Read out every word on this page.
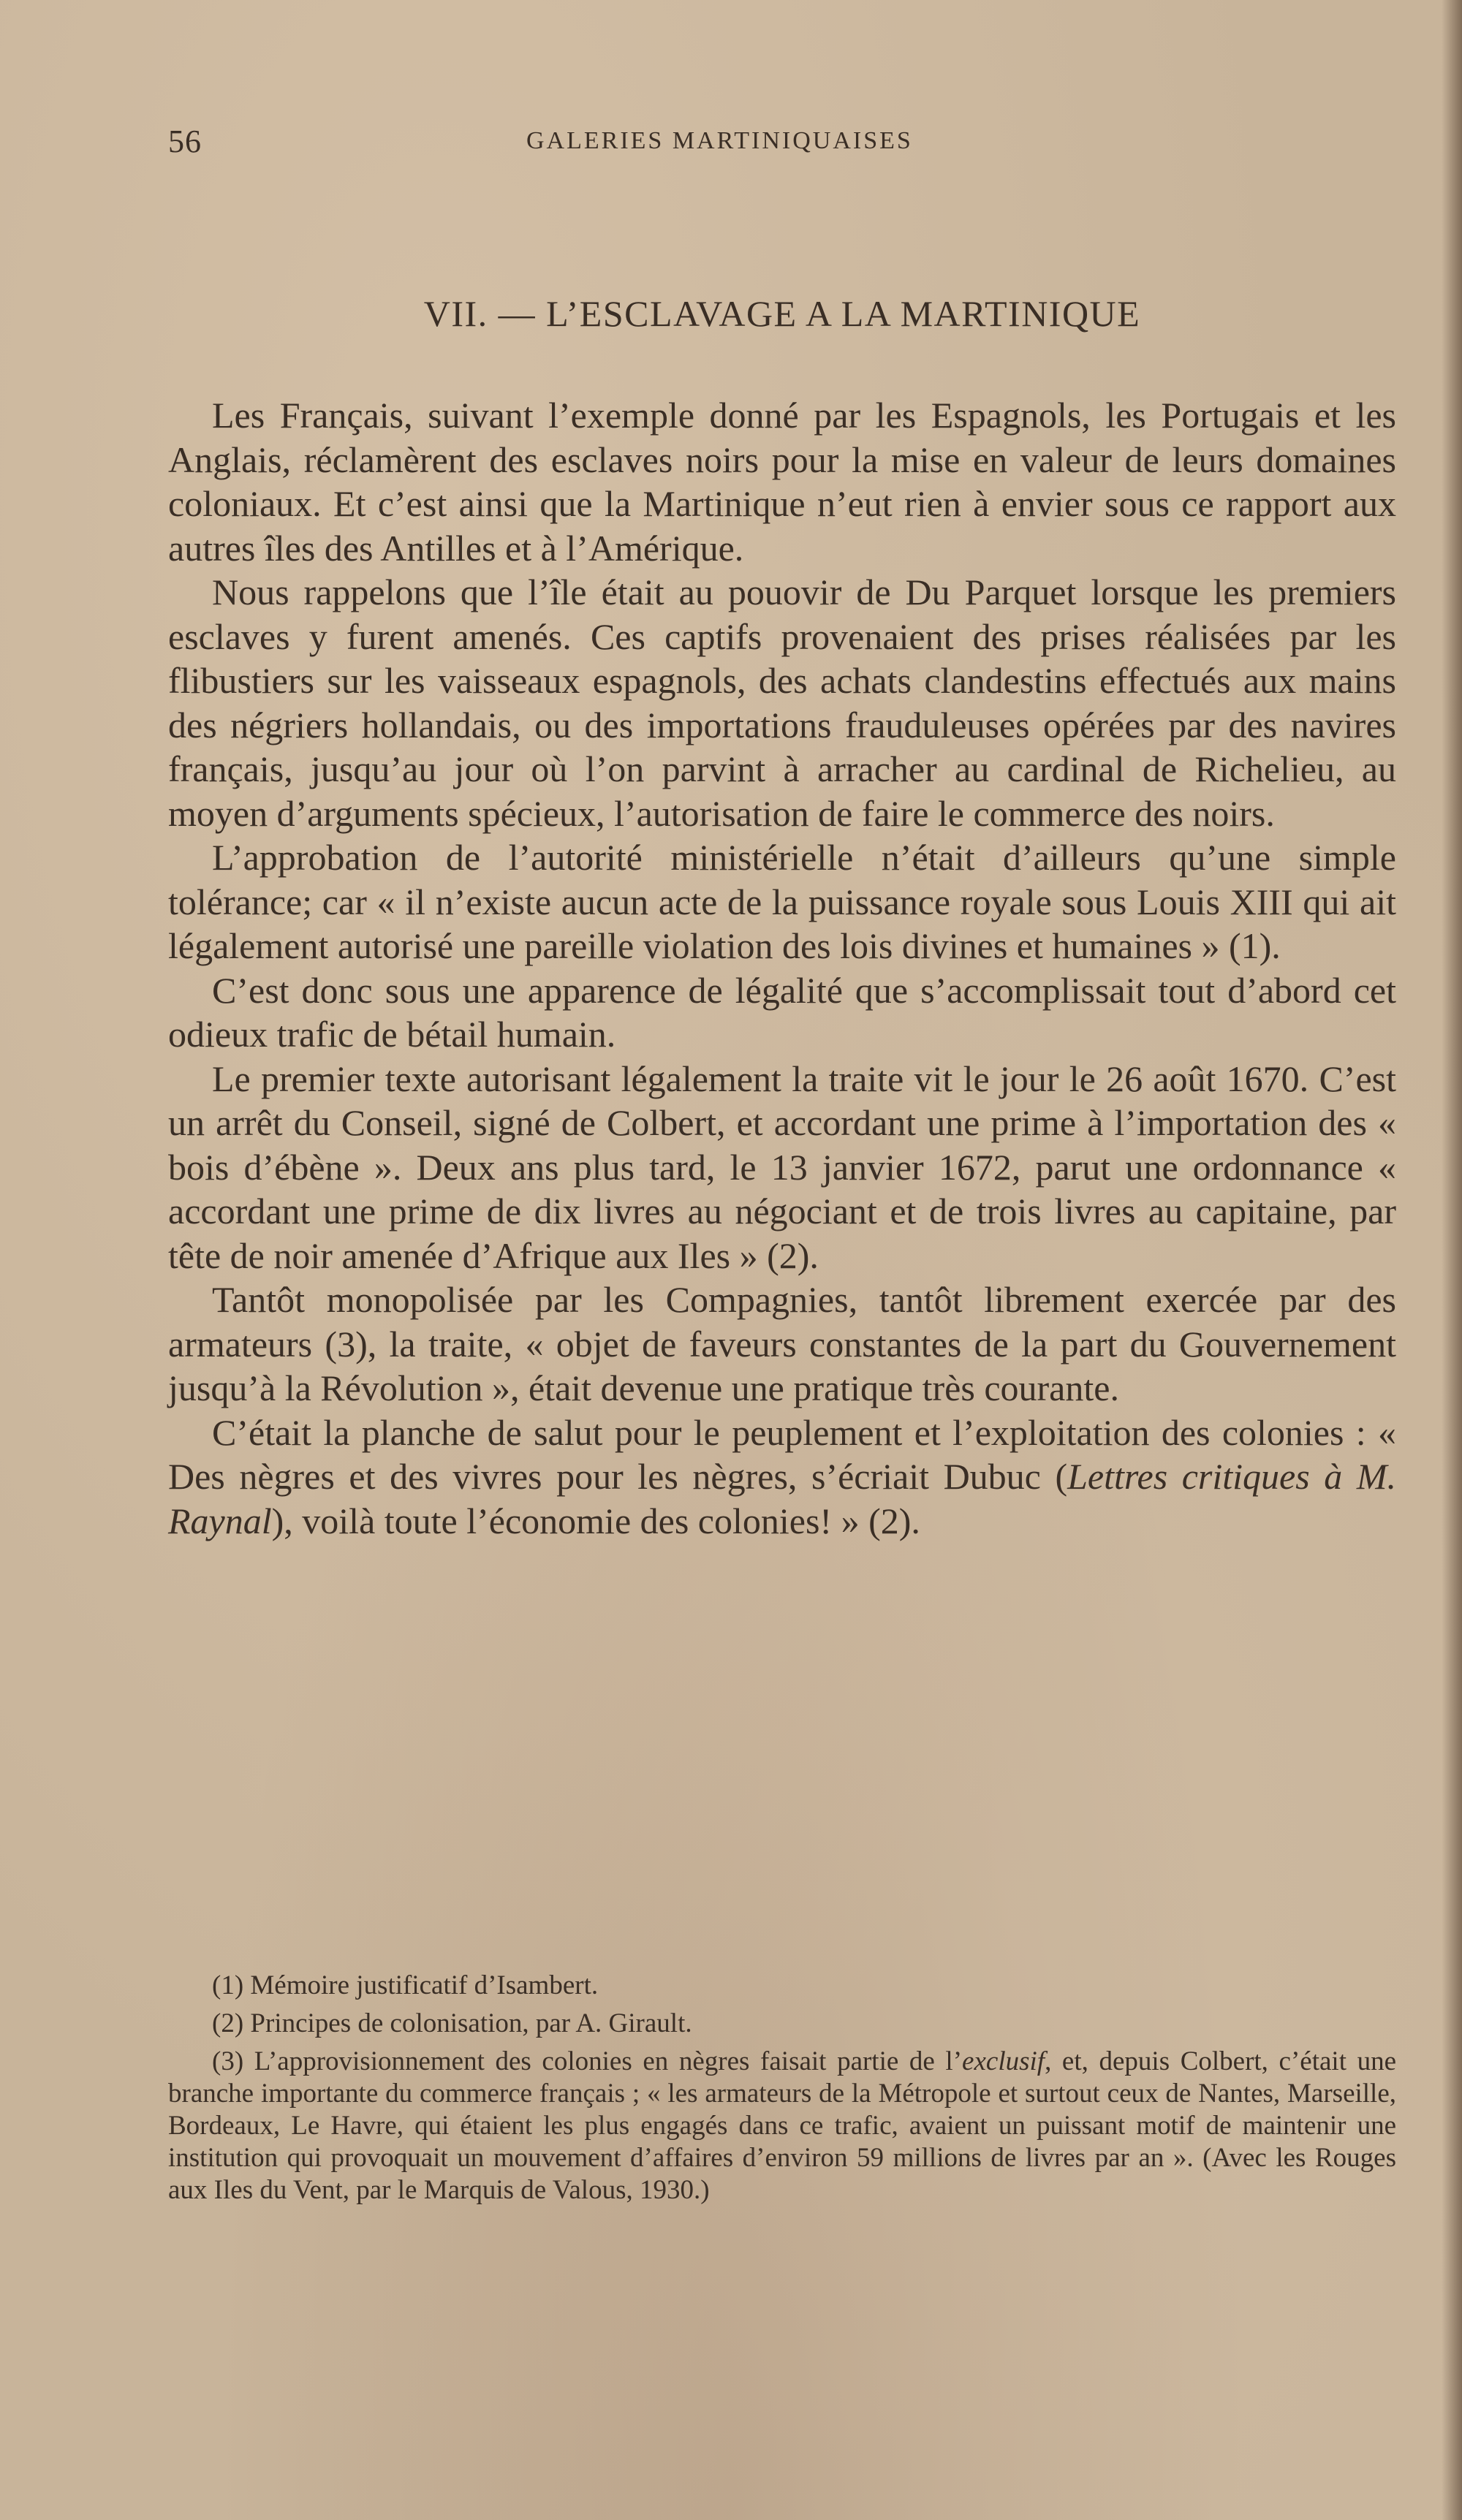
56	GALERIES MARTINIQUAISES
VII. — L’ESCLAVAGE A LA MARTINIQUE

Les Français, suivant l’exemple donné par les Espagnols, les Portugais et les Anglais, réclamèrent des esclaves noirs pour la mise en valeur de leurs domaines coloniaux. Et c’est ainsi que la Martinique n’eut rien à envier sous ce rapport aux autres îles des Antilles et à l’Amérique.

Nous rappelons que l’île était au pouovir de Du Parquet lorsque les premiers esclaves y furent amenés. Ces captifs provenaient des prises réalisées par les flibustiers sur les vaisseaux espagnols, des achats clandestins effectués aux mains des négriers hollandais, ou des importations frauduleuses opérées par des navires français, jusqu’au jour où l’on parvint à arracher au cardinal de Richelieu, au moyen d’arguments spécieux, l’autorisation de faire le commerce des noirs.

L’approbation de l’autorité ministérielle n’était d’ailleurs qu’une simple tolérance; car « il n’existe aucun acte de la puissance royale sous Louis XIII qui ait légalement autorisé une pareille violation des lois divines et humaines » (1).

C’est donc sous une apparence de légalité que s’accomplissait tout d’abord cet odieux trafic de bétail humain.

Le premier texte autorisant légalement la traite vit le jour le 26 août 1670. C’est un arrêt du Conseil, signé de Colbert, et accordant une prime à l’importation des « bois d’ébène ». Deux ans plus tard, le 13 janvier 1672, parut une ordonnance « accordant une prime de dix livres au négociant et de trois livres au capitaine, par tête de noir amenée d’Afrique aux Iles » (2).

Tantôt monopolisée par les Compagnies, tantôt librement exercée par des armateurs (3), la traite, « objet de faveurs constantes de la part du Gouvernement jusqu’à la Révolution », était devenue une pratique très courante.

C’était la planche de salut pour le peuplement et l’exploitation des colonies : « Des nègres et des vivres pour les nègres, s’écriait Dubuc (Lettres critiques à M. Raynal), voilà toute l’économie des colonies! » (2).

(1) Mémoire justificatif d’Isambert.

(2) Principes de colonisation, par A. Girault.

(3) L’approvisionnement des colonies en nègres faisait partie de l’exclusif, et, depuis Colbert, c’était une branche importante du commerce français ; « les armateurs de la Métropole et surtout ceux de Nantes, Marseille, Bordeaux, Le Havre, qui étaient les plus engagés dans ce trafic, avaient un puissant motif de maintenir une institution qui provoquait un mouvement d’affaires d’environ 59 millions de livres par an ». (Avec les Rouges aux Iles du Vent, par le Marquis de Valous, 1930.)
